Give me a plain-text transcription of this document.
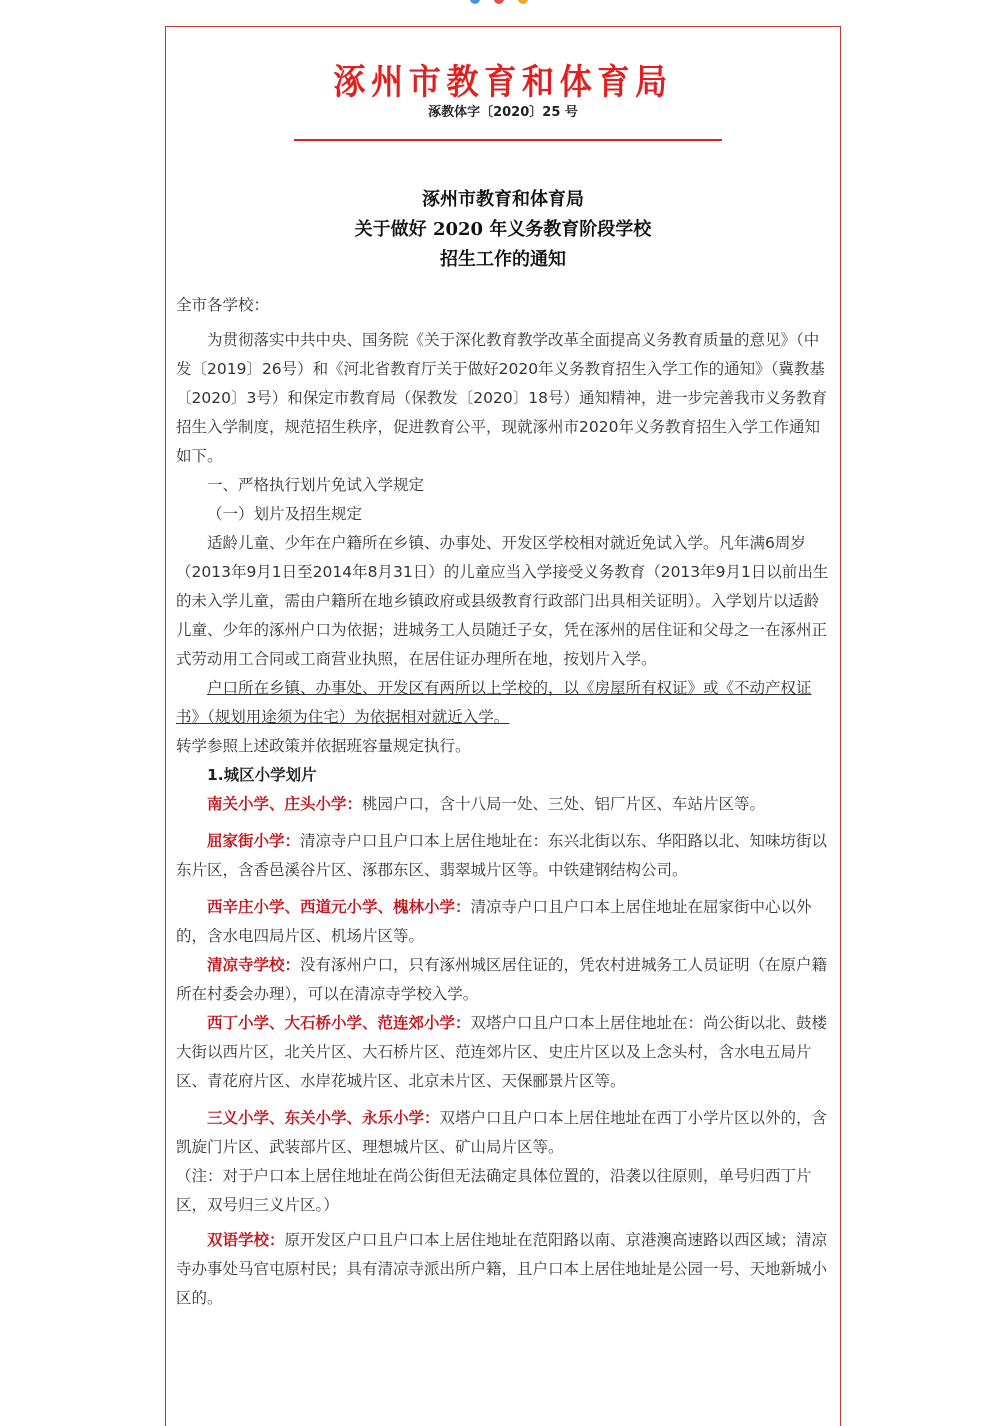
涿州市教育和体育局
涿教体字〔2020〕25 号
涿州市教育和体育局
关于做好 2020 年义务教育阶段学校
招生工作的通知

全市各学校：

为贯彻落实中共中央、国务院《关于深化教育教学改革全面提高义务教育质量的意见》（中发〔2019〕26号）和《河北省教育厅关于做好2020年义务教育招生入学工作的通知》（冀教基〔2020〕3号）和保定市教育局（保教发〔2020〕18号）通知精神，进一步完善我市义务教育招生入学制度，规范招生秩序，促进教育公平，现就涿州市2020年义务教育招生入学工作通知如下。

一、严格执行划片免试入学规定

（一）划片及招生规定

适龄儿童、少年在户籍所在乡镇、办事处、开发区学校相对就近免试入学。凡年满6周岁（2013年9月1日至2014年8月31日）的儿童应当入学接受义务教育（2013年9月1日以前出生的未入学儿童，需由户籍所在地乡镇政府或县级教育行政部门出具相关证明）。入学划片以适龄儿童、少年的涿州户口为依据；进城务工人员随迁子女，凭在涿州的居住证和父母之一在涿州正式劳动用工合同或工商营业执照，在居住证办理所在地，按划片入学。

户口所在乡镇、办事处、开发区有两所以上学校的，以《房屋所有权证》或《不动产权证书》（规划用途须为住宅）为依据相对就近入学。

转学参照上述政策并依据班容量规定执行。

1.城区小学划片

南关小学、庄头小学：桃园户口，含十八局一处、三处、铝厂片区、车站片区等。

屈家街小学：清凉寺户口且户口本上居住地址在：东兴北街以东、华阳路以北、知味坊街以东片区，含香邑溪谷片区、涿郡东区、翡翠城片区等。中铁建钢结构公司。

西辛庄小学、西道元小学、槐林小学：清凉寺户口且户口本上居住地址在屈家街中心以外的，含水电四局片区、机场片区等。

清凉寺学校：没有涿州户口，只有涿州城区居住证的，凭农村进城务工人员证明（在原户籍所在村委会办理），可以在清凉寺学校入学。

西丁小学、大石桥小学、范连郊小学：双塔户口且户口本上居住地址在：尚公街以北、鼓楼大街以西片区，北关片区、大石桥片区、范连郊片区、史庄片区以及上念头村，含水电五局片区、青花府片区、水岸花城片区、北京未片区、天保郦景片区等。

三义小学、东关小学、永乐小学：双塔户口且户口本上居住地址在西丁小学片区以外的，含凯旋门片区、武装部片区、理想城片区、矿山局片区等。

（注：对于户口本上居住地址在尚公街但无法确定具体位置的，沿袭以往原则，单号归西丁片区，双号归三义片区。）

双语学校：原开发区户口且户口本上居住地址在范阳路以南、京港澳高速路以西区域；清凉寺办事处马官屯原村民；具有清凉寺派出所户籍，且户口本上居住地址是公园一号、天地新城小区的。
